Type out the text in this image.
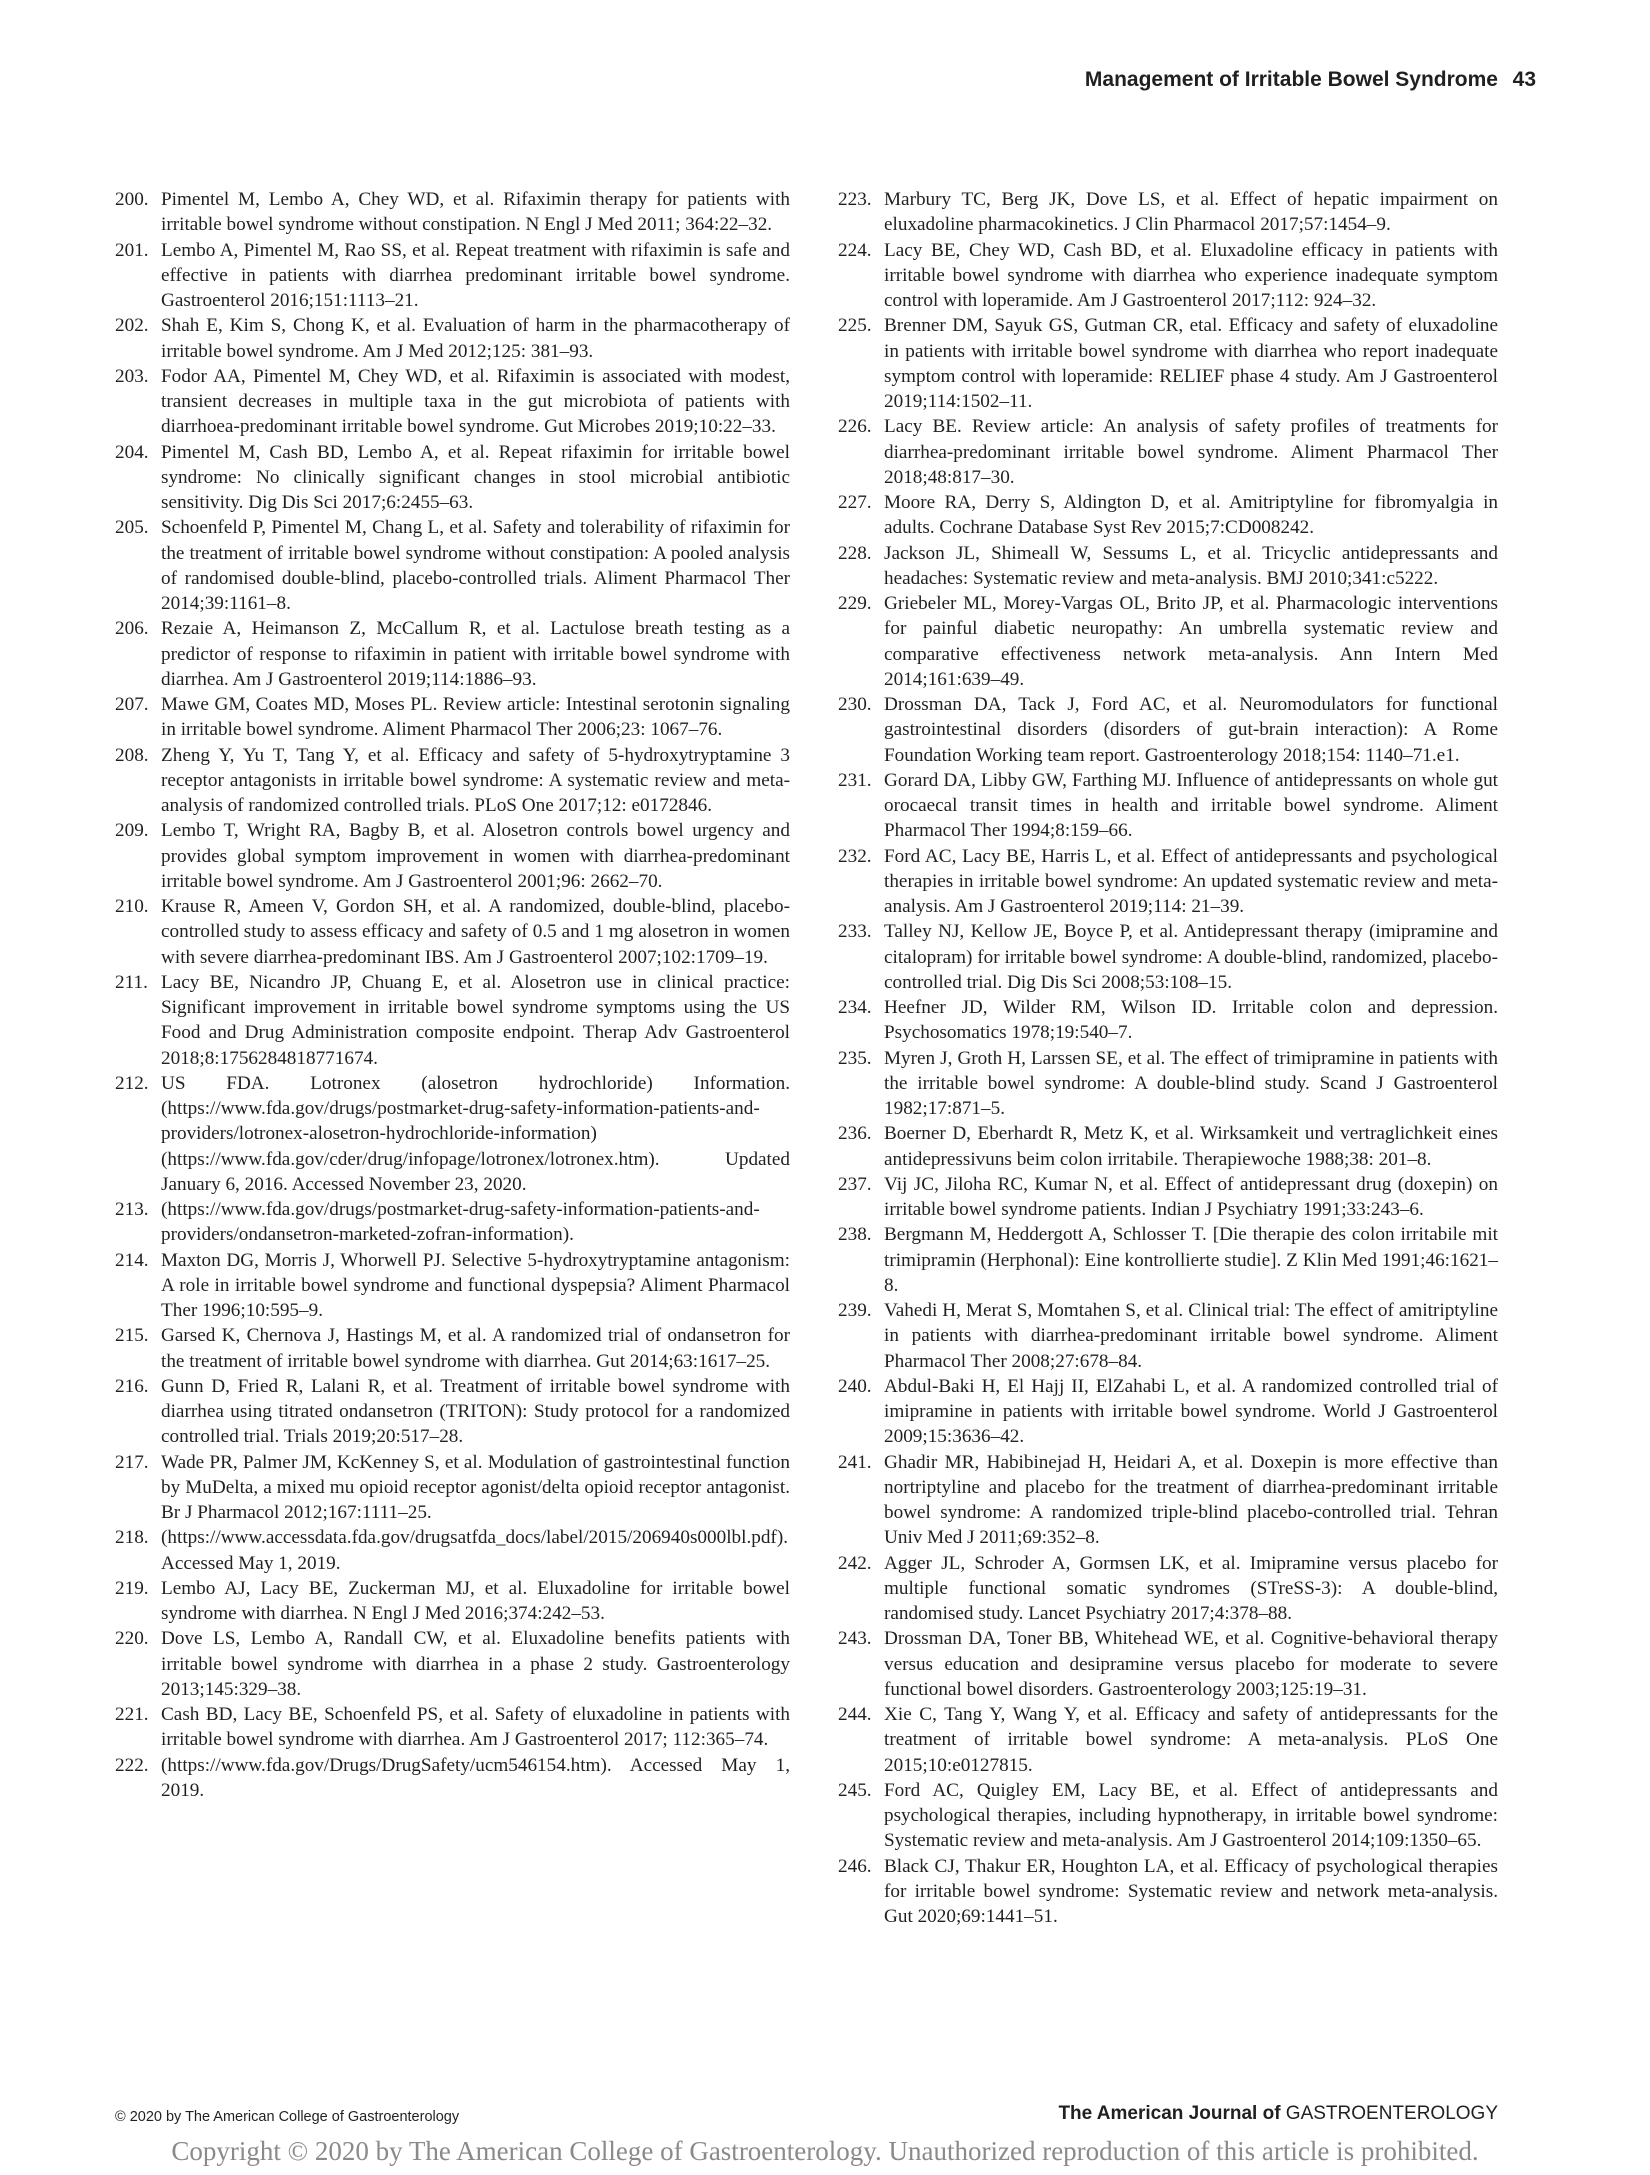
Management of Irritable Bowel Syndrome 43
200. Pimentel M, Lembo A, Chey WD, et al. Rifaximin therapy for patients with irritable bowel syndrome without constipation. N Engl J Med 2011; 364:22–32.
201. Lembo A, Pimentel M, Rao SS, et al. Repeat treatment with rifaximin is safe and effective in patients with diarrhea predominant irritable bowel syndrome. Gastroenterol 2016;151:1113–21.
202. Shah E, Kim S, Chong K, et al. Evaluation of harm in the pharmacotherapy of irritable bowel syndrome. Am J Med 2012;125: 381–93.
203. Fodor AA, Pimentel M, Chey WD, et al. Rifaximin is associated with modest, transient decreases in multiple taxa in the gut microbiota of patients with diarrhoea-predominant irritable bowel syndrome. Gut Microbes 2019;10:22–33.
204. Pimentel M, Cash BD, Lembo A, et al. Repeat rifaximin for irritable bowel syndrome: No clinically significant changes in stool microbial antibiotic sensitivity. Dig Dis Sci 2017;6:2455–63.
205. Schoenfeld P, Pimentel M, Chang L, et al. Safety and tolerability of rifaximin for the treatment of irritable bowel syndrome without constipation: A pooled analysis of randomised double-blind, placebo-controlled trials. Aliment Pharmacol Ther 2014;39:1161–8.
206. Rezaie A, Heimanson Z, McCallum R, et al. Lactulose breath testing as a predictor of response to rifaximin in patient with irritable bowel syndrome with diarrhea. Am J Gastroenterol 2019;114:1886–93.
207. Mawe GM, Coates MD, Moses PL. Review article: Intestinal serotonin signaling in irritable bowel syndrome. Aliment Pharmacol Ther 2006;23: 1067–76.
208. Zheng Y, Yu T, Tang Y, et al. Efficacy and safety of 5-hydroxytryptamine 3 receptor antagonists in irritable bowel syndrome: A systematic review and meta-analysis of randomized controlled trials. PLoS One 2017;12: e0172846.
209. Lembo T, Wright RA, Bagby B, et al. Alosetron controls bowel urgency and provides global symptom improvement in women with diarrhea-predominant irritable bowel syndrome. Am J Gastroenterol 2001;96: 2662–70.
210. Krause R, Ameen V, Gordon SH, et al. A randomized, double-blind, placebo-controlled study to assess efficacy and safety of 0.5 and 1 mg alosetron in women with severe diarrhea-predominant IBS. Am J Gastroenterol 2007;102:1709–19.
211. Lacy BE, Nicandro JP, Chuang E, et al. Alosetron use in clinical practice: Significant improvement in irritable bowel syndrome symptoms using the US Food and Drug Administration composite endpoint. Therap Adv Gastroenterol 2018;8:1756284818771674.
212. US FDA. Lotronex (alosetron hydrochloride) Information. (https://www.fda.gov/drugs/postmarket-drug-safety-information-patients-and-providers/lotronex-alosetron-hydrochloride-information) (https://www.fda.gov/cder/drug/infopage/lotronex/lotronex.htm). Updated January 6, 2016. Accessed November 23, 2020.
213. (https://www.fda.gov/drugs/postmarket-drug-safety-information-patients-and-providers/ondansetron-marketed-zofran-information).
214. Maxton DG, Morris J, Whorwell PJ. Selective 5-hydroxytryptamine antagonism: A role in irritable bowel syndrome and functional dyspepsia? Aliment Pharmacol Ther 1996;10:595–9.
215. Garsed K, Chernova J, Hastings M, et al. A randomized trial of ondansetron for the treatment of irritable bowel syndrome with diarrhea. Gut 2014;63:1617–25.
216. Gunn D, Fried R, Lalani R, et al. Treatment of irritable bowel syndrome with diarrhea using titrated ondansetron (TRITON): Study protocol for a randomized controlled trial. Trials 2019;20:517–28.
217. Wade PR, Palmer JM, KcKenney S, et al. Modulation of gastrointestinal function by MuDelta, a mixed mu opioid receptor agonist/delta opioid receptor antagonist. Br J Pharmacol 2012;167:1111–25.
218. (https://www.accessdata.fda.gov/drugsatfda_docs/label/2015/206940s000lbl.pdf). Accessed May 1, 2019.
219. Lembo AJ, Lacy BE, Zuckerman MJ, et al. Eluxadoline for irritable bowel syndrome with diarrhea. N Engl J Med 2016;374:242–53.
220. Dove LS, Lembo A, Randall CW, et al. Eluxadoline benefits patients with irritable bowel syndrome with diarrhea in a phase 2 study. Gastroenterology 2013;145:329–38.
221. Cash BD, Lacy BE, Schoenfeld PS, et al. Safety of eluxadoline in patients with irritable bowel syndrome with diarrhea. Am J Gastroenterol 2017; 112:365–74.
222. (https://www.fda.gov/Drugs/DrugSafety/ucm546154.htm). Accessed May 1, 2019.
223. Marbury TC, Berg JK, Dove LS, et al. Effect of hepatic impairment on eluxadoline pharmacokinetics. J Clin Pharmacol 2017;57:1454–9.
224. Lacy BE, Chey WD, Cash BD, et al. Eluxadoline efficacy in patients with irritable bowel syndrome with diarrhea who experience inadequate symptom control with loperamide. Am J Gastroenterol 2017;112: 924–32.
225. Brenner DM, Sayuk GS, Gutman CR, etal. Efficacy and safety of eluxadoline in patients with irritable bowel syndrome with diarrhea who report inadequate symptom control with loperamide: RELIEF phase 4 study. Am J Gastroenterol 2019;114:1502–11.
226. Lacy BE. Review article: An analysis of safety profiles of treatments for diarrhea-predominant irritable bowel syndrome. Aliment Pharmacol Ther 2018;48:817–30.
227. Moore RA, Derry S, Aldington D, et al. Amitriptyline for fibromyalgia in adults. Cochrane Database Syst Rev 2015;7:CD008242.
228. Jackson JL, Shimeall W, Sessums L, et al. Tricyclic antidepressants and headaches: Systematic review and meta-analysis. BMJ 2010;341:c5222.
229. Griebeler ML, Morey-Vargas OL, Brito JP, et al. Pharmacologic interventions for painful diabetic neuropathy: An umbrella systematic review and comparative effectiveness network meta-analysis. Ann Intern Med 2014;161:639–49.
230. Drossman DA, Tack J, Ford AC, et al. Neuromodulators for functional gastrointestinal disorders (disorders of gut-brain interaction): A Rome Foundation Working team report. Gastroenterology 2018;154: 1140–71.e1.
231. Gorard DA, Libby GW, Farthing MJ. Influence of antidepressants on whole gut orocaecal transit times in health and irritable bowel syndrome. Aliment Pharmacol Ther 1994;8:159–66.
232. Ford AC, Lacy BE, Harris L, et al. Effect of antidepressants and psychological therapies in irritable bowel syndrome: An updated systematic review and meta-analysis. Am J Gastroenterol 2019;114: 21–39.
233. Talley NJ, Kellow JE, Boyce P, et al. Antidepressant therapy (imipramine and citalopram) for irritable bowel syndrome: A double-blind, randomized, placebo-controlled trial. Dig Dis Sci 2008;53:108–15.
234. Heefner JD, Wilder RM, Wilson ID. Irritable colon and depression. Psychosomatics 1978;19:540–7.
235. Myren J, Groth H, Larssen SE, et al. The effect of trimipramine in patients with the irritable bowel syndrome: A double-blind study. Scand J Gastroenterol 1982;17:871–5.
236. Boerner D, Eberhardt R, Metz K, et al. Wirksamkeit und vertraglichkeit eines antidepressivuns beim colon irritabile. Therapiewoche 1988;38: 201–8.
237. Vij JC, Jiloha RC, Kumar N, et al. Effect of antidepressant drug (doxepin) on irritable bowel syndrome patients. Indian J Psychiatry 1991;33:243–6.
238. Bergmann M, Heddergott A, Schlosser T. [Die therapie des colon irritabile mit trimipramin (Herphonal): Eine kontrollierte studie]. Z Klin Med 1991;46:1621–8.
239. Vahedi H, Merat S, Momtahen S, et al. Clinical trial: The effect of amitriptyline in patients with diarrhea-predominant irritable bowel syndrome. Aliment Pharmacol Ther 2008;27:678–84.
240. Abdul-Baki H, El Hajj II, ElZahabi L, et al. A randomized controlled trial of imipramine in patients with irritable bowel syndrome. World J Gastroenterol 2009;15:3636–42.
241. Ghadir MR, Habibinejad H, Heidari A, et al. Doxepin is more effective than nortriptyline and placebo for the treatment of diarrhea-predominant irritable bowel syndrome: A randomized triple-blind placebo-controlled trial. Tehran Univ Med J 2011;69:352–8.
242. Agger JL, Schroder A, Gormsen LK, et al. Imipramine versus placebo for multiple functional somatic syndromes (STreSS-3): A double-blind, randomised study. Lancet Psychiatry 2017;4:378–88.
243. Drossman DA, Toner BB, Whitehead WE, et al. Cognitive-behavioral therapy versus education and desipramine versus placebo for moderate to severe functional bowel disorders. Gastroenterology 2003;125:19–31.
244. Xie C, Tang Y, Wang Y, et al. Efficacy and safety of antidepressants for the treatment of irritable bowel syndrome: A meta-analysis. PLoS One 2015;10:e0127815.
245. Ford AC, Quigley EM, Lacy BE, et al. Effect of antidepressants and psychological therapies, including hypnotherapy, in irritable bowel syndrome: Systematic review and meta-analysis. Am J Gastroenterol 2014;109:1350–65.
246. Black CJ, Thakur ER, Houghton LA, et al. Efficacy of psychological therapies for irritable bowel syndrome: Systematic review and network meta-analysis. Gut 2020;69:1441–51.
© 2020 by The American College of Gastroenterology	The American Journal of GASTROENTEROLOGY
Copyright © 2020 by The American College of Gastroenterology. Unauthorized reproduction of this article is prohibited.
